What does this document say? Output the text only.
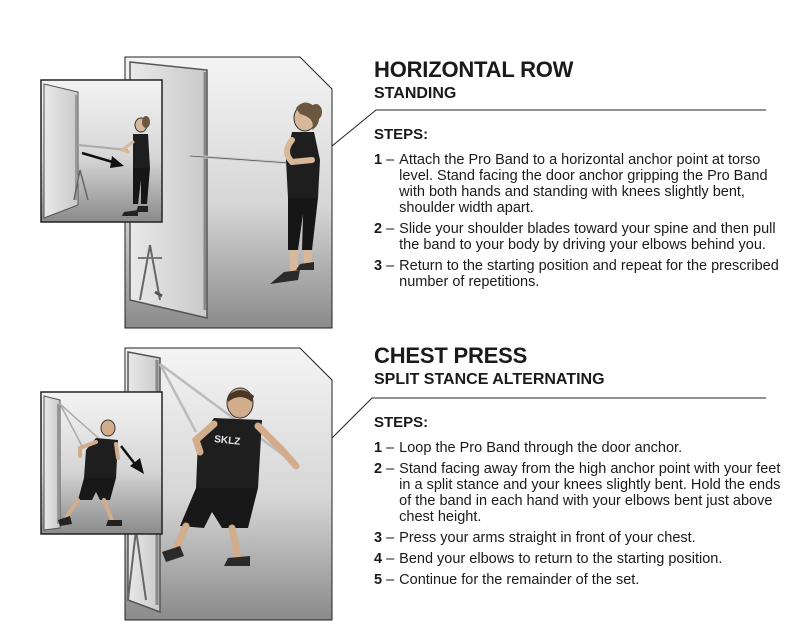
SKLZ
HORIZONTAL ROW
STANDING

STEPS:

1 – Attach the Pro Band to a horizontal anchor point at torso level. Stand facing the door anchor gripping the Pro Band with both hands and standing with knees slightly bent, shoulder width apart.
2 – Slide your shoulder blades toward your spine and then pull the band to your body by driving your elbows behind you.
3 – Return to the starting position and repeat for the prescribed number of repetitions.
CHEST PRESS
SPLIT STANCE ALTERNATING

STEPS:

1 – Loop the Pro Band through the door anchor.
2 – Stand facing away from the high anchor point with your feet in a split stance and your knees slightly bent. Hold the ends of the band in each hand with your elbows bent just above chest height.
3 – Press your arms straight in front of your chest.
4 – Bend your elbows to return to the starting position.
5 – Continue for the remainder of the set.
